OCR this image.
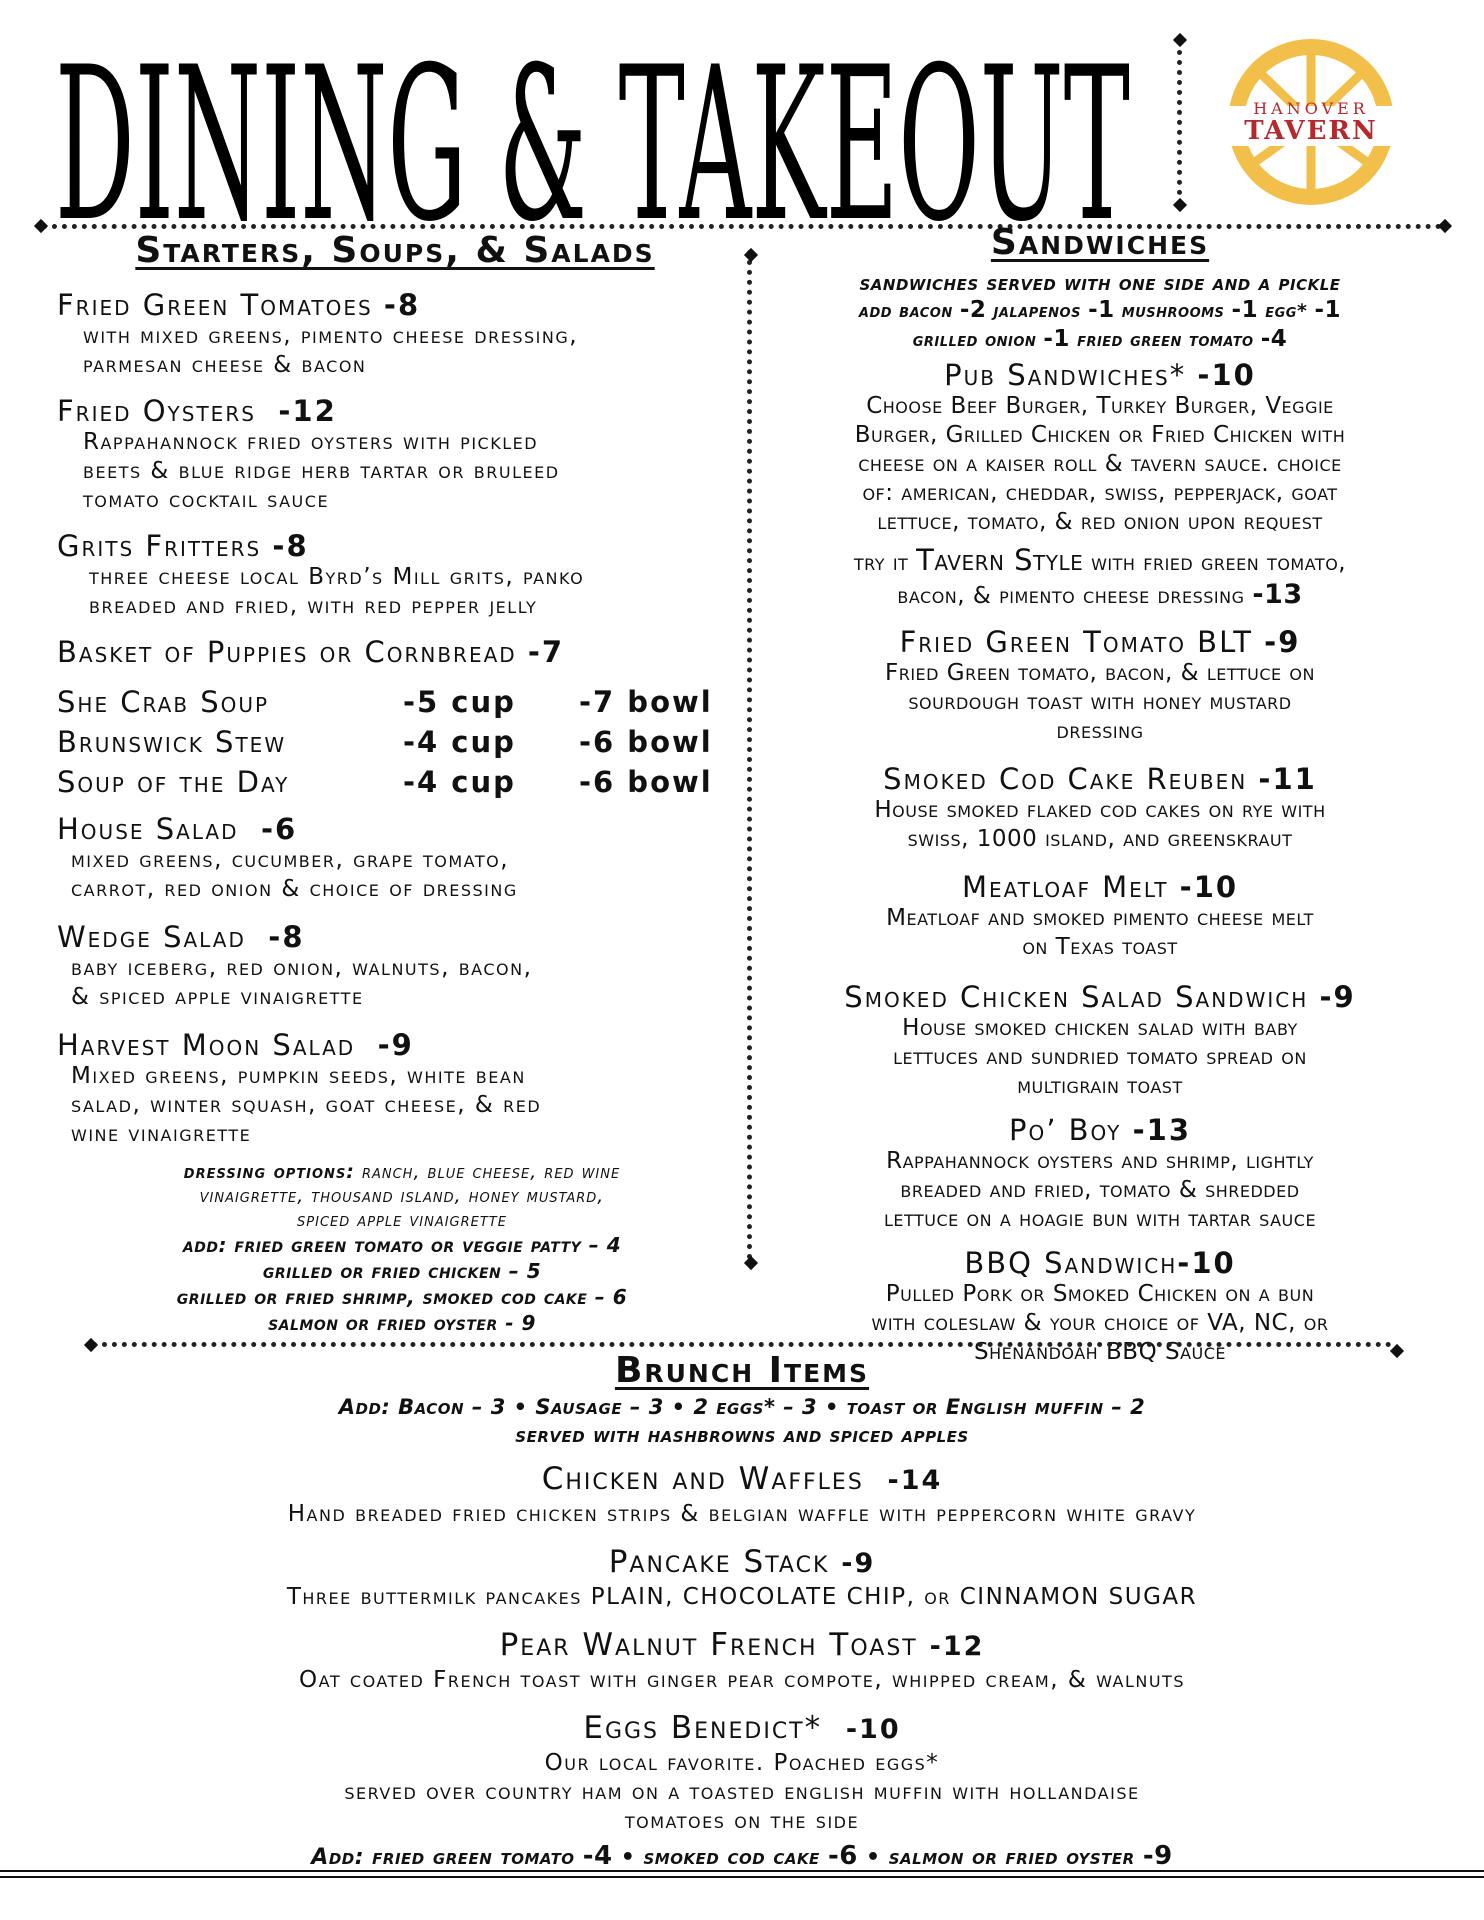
DINING & TAKEOUT	HANOVER
TAVERN
Starters, Soups, & Salads
Fried Green Tomatoes -8
with mixed greens, pimento cheese dressing,
parmesan cheese & bacon
Fried Oysters -12
Rappahannock fried oysters with pickled
beets & blue ridge herb tartar or bruleed
tomato cocktail sauce
Grits Fritters -8
three cheese local Byrd’s Mill grits, panko
breaded and fried, with red pepper jelly
Basket of Puppies or Cornbread -7
She Crab Soup	-5 cup -7 bowl
Brunswick Stew	-4 cup -6 bowl
Soup of the Day	-4 cup -6 bowl
House Salad -6
mixed greens, cucumber, grape tomato,
carrot, red onion & choice of dressing
Wedge Salad -8
baby iceberg, red onion, walnuts, bacon,
& spiced apple vinaigrette
Harvest Moon Salad -9
Mixed greens, pumpkin seeds, white bean
salad, winter squash, goat cheese, & red
wine vinaigrette
dressing options: ranch, blue cheese, red wine
vinaigrette, thousand island, honey mustard,
spiced apple vinaigrette
add: fried green tomato or veggie patty – 4
grilled or fried chicken – 5
grilled or fried shrimp, smoked cod cake – 6
salmon or fried oyster - 9
Sandwiches
sandwiches served with one side and a pickle
add bacon -2 jalapenos -1 mushrooms -1 egg* -1
grilled onion -1 fried green tomato -4
Pub Sandwiches* -10
Choose Beef Burger, Turkey Burger, Veggie
Burger, Grilled Chicken or Fried Chicken with
cheese on a kaiser roll & tavern sauce. choice
of: american, cheddar, swiss, pepperjack, goat
lettuce, tomato, & red onion upon request
try it Tavern Style with fried green tomato,
bacon, & pimento cheese dressing -13
Fried Green Tomato BLT -9
Fried Green tomato, bacon, & lettuce on
sourdough toast with honey mustard
dressing
Smoked Cod Cake Reuben -11
House smoked flaked cod cakes on rye with
swiss, 1000 island, and greenskraut
Meatloaf Melt -10
Meatloaf and smoked pimento cheese melt
on Texas toast
Smoked Chicken Salad Sandwich -9
House smoked chicken salad with baby
lettuces and sundried tomato spread on
multigrain toast
Po’ Boy -13
Rappahannock oysters and shrimp, lightly
breaded and fried, tomato & shredded
lettuce on a hoagie bun with tartar sauce
BBQ Sandwich-10
Pulled Pork or Smoked Chicken on a bun
with coleslaw & your choice of VA, NC, or
Shenandoah BBQ Sauce
Brunch Items
Add: Bacon – 3 • Sausage – 3 • 2 eggs* – 3 • toast or English muffin – 2
served with hashbrowns and spiced apples
Chicken and Waffles -14
Hand breaded fried chicken strips & belgian waffle with peppercorn white gravy
Pancake Stack -9
Three buttermilk pancakes PLAIN, CHOCOLATE CHIP, or CINNAMON SUGAR
Pear Walnut French Toast -12
Oat coated French toast with ginger pear compote, whipped cream, & walnuts
Eggs Benedict* -10
Our local favorite. Poached eggs*
served over country ham on a toasted english muffin with hollandaise
tomatoes on the side
Add: fried green tomato -4 • smoked cod cake -6 • salmon or fried oyster -9
